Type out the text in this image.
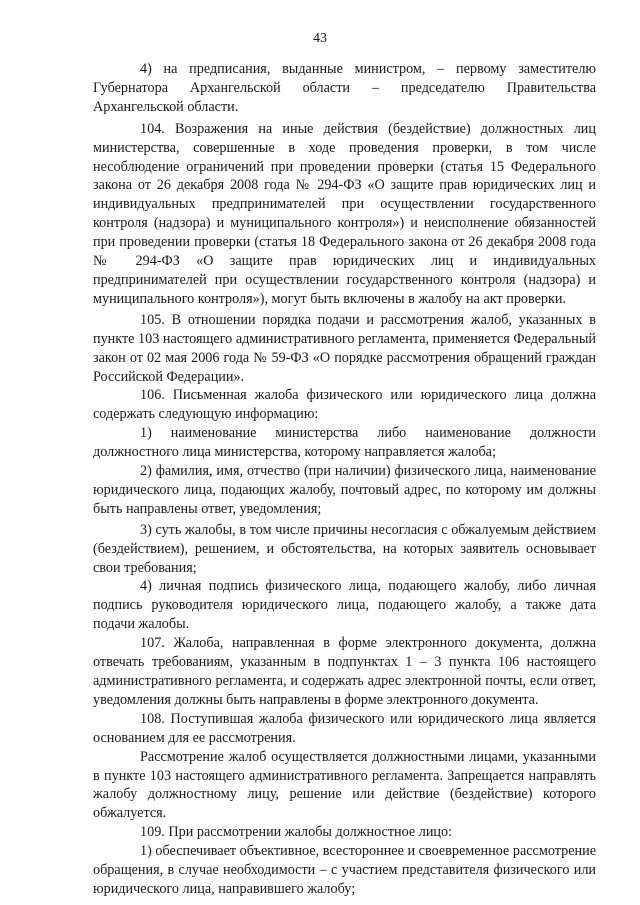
43

4) на предписания, выданные министром, – первому заместителю Губернатора Архангельской области – председателю Правительства Архангельской области.

104. Возражения на иные действия (бездействие) должностных лиц министерства, совершенные в ходе проведения проверки, в том числе несоблюдение ограничений при проведении проверки (статья 15 Федерального закона от 26 декабря 2008 года № 294-ФЗ «О защите прав юридических лиц и индивидуальных предпринимателей при осуществлении государственного контроля (надзора) и муниципального контроля») и неисполнение обязанностей при проведении проверки (статья 18 Федерального закона от 26 декабря 2008 года № 294-ФЗ «О защите прав юридических лиц и индивидуальных предпринимателей при осуществлении государственного контроля (надзора) и муниципального контроля»), могут быть включены в жалобу на акт проверки.

105. В отношении порядка подачи и рассмотрения жалоб, указанных в пункте 103 настоящего административного регламента, применяется Федеральный закон от 02 мая 2006 года № 59-ФЗ «О порядке рассмотрения обращений граждан Российской Федерации».

106. Письменная жалоба физического или юридического лица должна содержать следующую информацию:

1) наименование министерства либо наименование должности должностного лица министерства, которому направляется жалоба;

2) фамилия, имя, отчество (при наличии) физического лица, наименование юридического лица, подающих жалобу, почтовый адрес, по которому им должны быть направлены ответ, уведомления;

3) суть жалобы, в том числе причины несогласия с обжалуемым действием (бездействием), решением, и обстоятельства, на которых заявитель основывает свои требования;

4) личная подпись физического лица, подающего жалобу, либо личная подпись руководителя юридического лица, подающего жалобу, а также дата подачи жалобы.

107. Жалоба, направленная в форме электронного документа, должна отвечать требованиям, указанным в подпунктах 1 – 3 пункта 106 настоящего административного регламента, и содержать адрес электронной почты, если ответ, уведомления должны быть направлены в форме электронного документа.

108. Поступившая жалоба физического или юридического лица является основанием для ее рассмотрения.

Рассмотрение жалоб осуществляется должностными лицами, указанными в пункте 103 настоящего административного регламента. Запрещается направлять жалобу должностному лицу, решение или действие (бездействие) которого обжалуется.

109. При рассмотрении жалобы должностное лицо:

1) обеспечивает объективное, всестороннее и своевременное рассмотрение обращения, в случае необходимости – с участием представителя физического или юридического лица, направившего жалобу;
